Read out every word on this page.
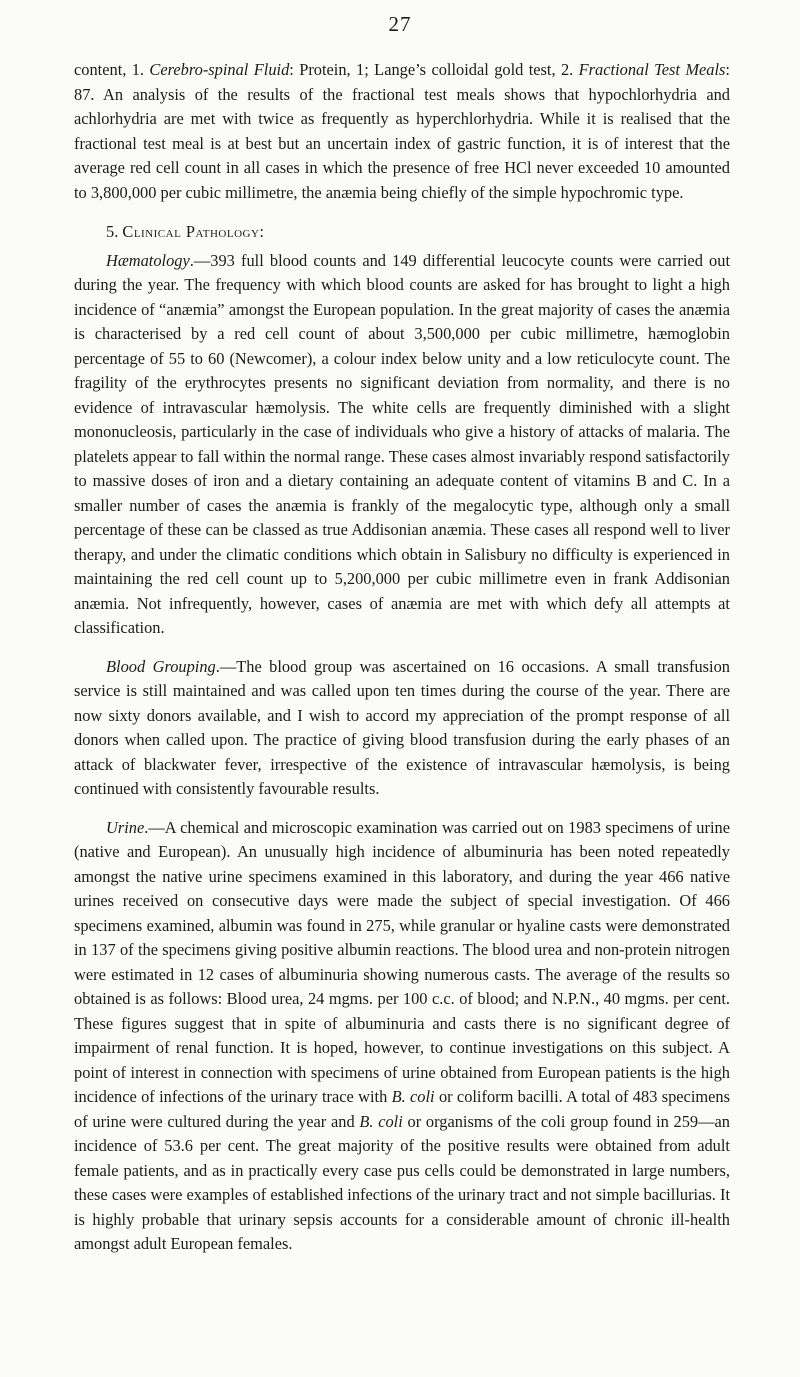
27

content, 1. Cerebro-spinal Fluid: Protein, 1; Lange’s colloidal gold test, 2. Fractional Test Meals: 87. An analysis of the results of the fractional test meals shows that hypochlorhydria and achlorhydria are met with twice as frequently as hyperchlorhydria. While it is realised that the fractional test meal is at best but an uncertain index of gastric function, it is of interest that the average red cell count in all cases in which the presence of free HCl never exceeded 10 amounted to 3,800,000 per cubic millimetre, the anæmia being chiefly of the simple hypochromic type.

5. Clinical Pathology:

Hæmatology.—393 full blood counts and 149 differential leucocyte counts were carried out during the year. The frequency with which blood counts are asked for has brought to light a high incidence of “anæmia” amongst the European population. In the great majority of cases the anæmia is characterised by a red cell count of about 3,500,000 per cubic millimetre, hæmoglobin percentage of 55 to 60 (Newcomer), a colour index below unity and a low reticulocyte count. The fragility of the erythrocytes presents no significant deviation from normality, and there is no evidence of intravascular hæmolysis. The white cells are frequently diminished with a slight mononucleosis, particularly in the case of individuals who give a history of attacks of malaria. The platelets appear to fall within the normal range. These cases almost invariably respond satisfactorily to massive doses of iron and a dietary containing an adequate content of vitamins B and C. In a smaller number of cases the anæmia is frankly of the megalocytic type, although only a small percentage of these can be classed as true Addisonian anæmia. These cases all respond well to liver therapy, and under the climatic conditions which obtain in Salisbury no difficulty is experienced in maintaining the red cell count up to 5,200,000 per cubic millimetre even in frank Addisonian anæmia. Not infrequently, however, cases of anæmia are met with which defy all attempts at classification.

Blood Grouping.—The blood group was ascertained on 16 occasions. A small transfusion service is still maintained and was called upon ten times during the course of the year. There are now sixty donors available, and I wish to accord my appreciation of the prompt response of all donors when called upon. The practice of giving blood transfusion during the early phases of an attack of blackwater fever, irrespective of the existence of intravascular hæmolysis, is being continued with consistently favourable results.

Urine.—A chemical and microscopic examination was carried out on 1983 specimens of urine (native and European). An unusually high incidence of albuminuria has been noted repeatedly amongst the native urine specimens examined in this laboratory, and during the year 466 native urines received on consecutive days were made the subject of special investigation. Of 466 specimens examined, albumin was found in 275, while granular or hyaline casts were demonstrated in 137 of the specimens giving positive albumin reactions. The blood urea and non-protein nitrogen were estimated in 12 cases of albuminuria showing numerous casts. The average of the results so obtained is as follows: Blood urea, 24 mgms. per 100 c.c. of blood; and N.P.N., 40 mgms. per cent. These figures suggest that in spite of albuminuria and casts there is no significant degree of impairment of renal function. It is hoped, however, to continue investigations on this subject. A point of interest in connection with specimens of urine obtained from European patients is the high incidence of infections of the urinary trace with B. coli or coliform bacilli. A total of 483 specimens of urine were cultured during the year and B. coli or organisms of the coli group found in 259—an incidence of 53.6 per cent. The great majority of the positive results were obtained from adult female patients, and as in practically every case pus cells could be demonstrated in large numbers, these cases were examples of established infections of the urinary tract and not simple bacillurias. It is highly probable that urinary sepsis accounts for a considerable amount of chronic ill-health amongst adult European females.
